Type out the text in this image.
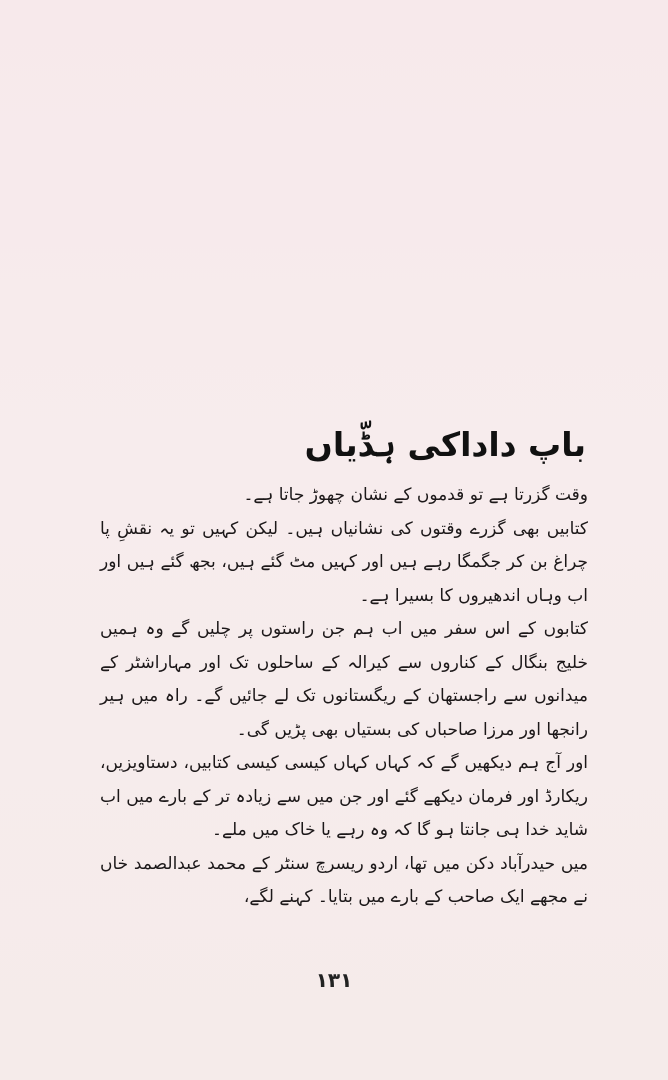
باپ داداکی ہڈّیاں

وقت گزرتا ہے تو قدموں کے نشان چھوڑ جاتا ہے۔

کتابیں بھی گزرے وقتوں کی نشانیاں ہیں۔ لیکن کہیں تو یہ نقشِ پا چراغ بن کر جگمگا رہے ہیں اور کہیں مٹ گئے ہیں، بجھ گئے ہیں اور اب وہاں اندھیروں کا بسیرا ہے۔

کتابوں کے اس سفر میں اب ہم جن راستوں پر چلیں گے وہ ہمیں خلیج بنگال کے کناروں سے کیرالہ کے ساحلوں تک اور مہاراشٹر کے میدانوں سے راجستھان کے ریگستانوں تک لے جائیں گے۔ راہ میں ہیر رانجھا اور مرزا صاحباں کی بستیاں بھی پڑیں گی۔

اور آج ہم دیکھیں گے کہ کہاں کہاں کیسی کیسی کتابیں، دستاویزیں، ریکارڈ اور فرمان دیکھے گئے اور جن میں سے زیادہ تر کے بارے میں اب شاید خدا ہی جانتا ہو گا کہ وہ رہے یا خاک میں ملے۔

میں حیدرآباد دکن میں تھا، اردو ریسرچ سنٹر کے محمد عبدالصمد خاں نے مجھے ایک صاحب کے بارے میں بتایا۔ کہنے لگے،

۱۳۱
